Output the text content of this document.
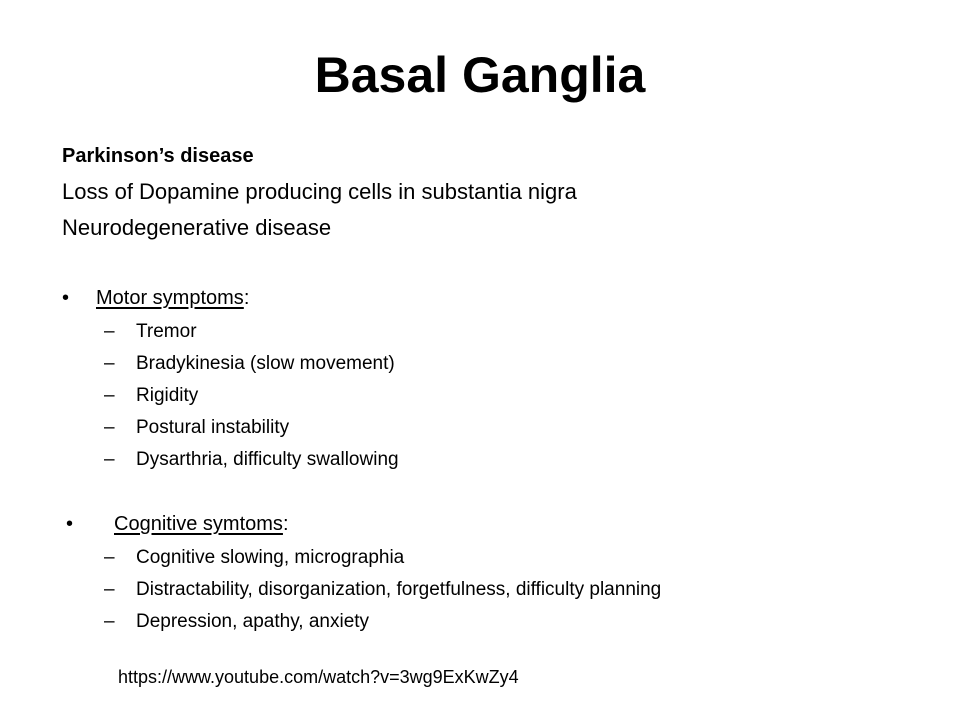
Basal Ganglia
Parkinson’s disease
Loss of Dopamine producing cells in substantia nigra
Neurodegenerative disease
• Motor symptoms:
– Tremor
– Bradykinesia (slow movement)
– Rigidity
– Postural instability
– Dysarthria, difficulty swallowing
• Cognitive symtoms:
– Cognitive slowing, micrographia
– Distractability, disorganization, forgetfulness, difficulty planning
– Depression, apathy, anxiety
https://www.youtube.com/watch?v=3wg9ExKwZy4
